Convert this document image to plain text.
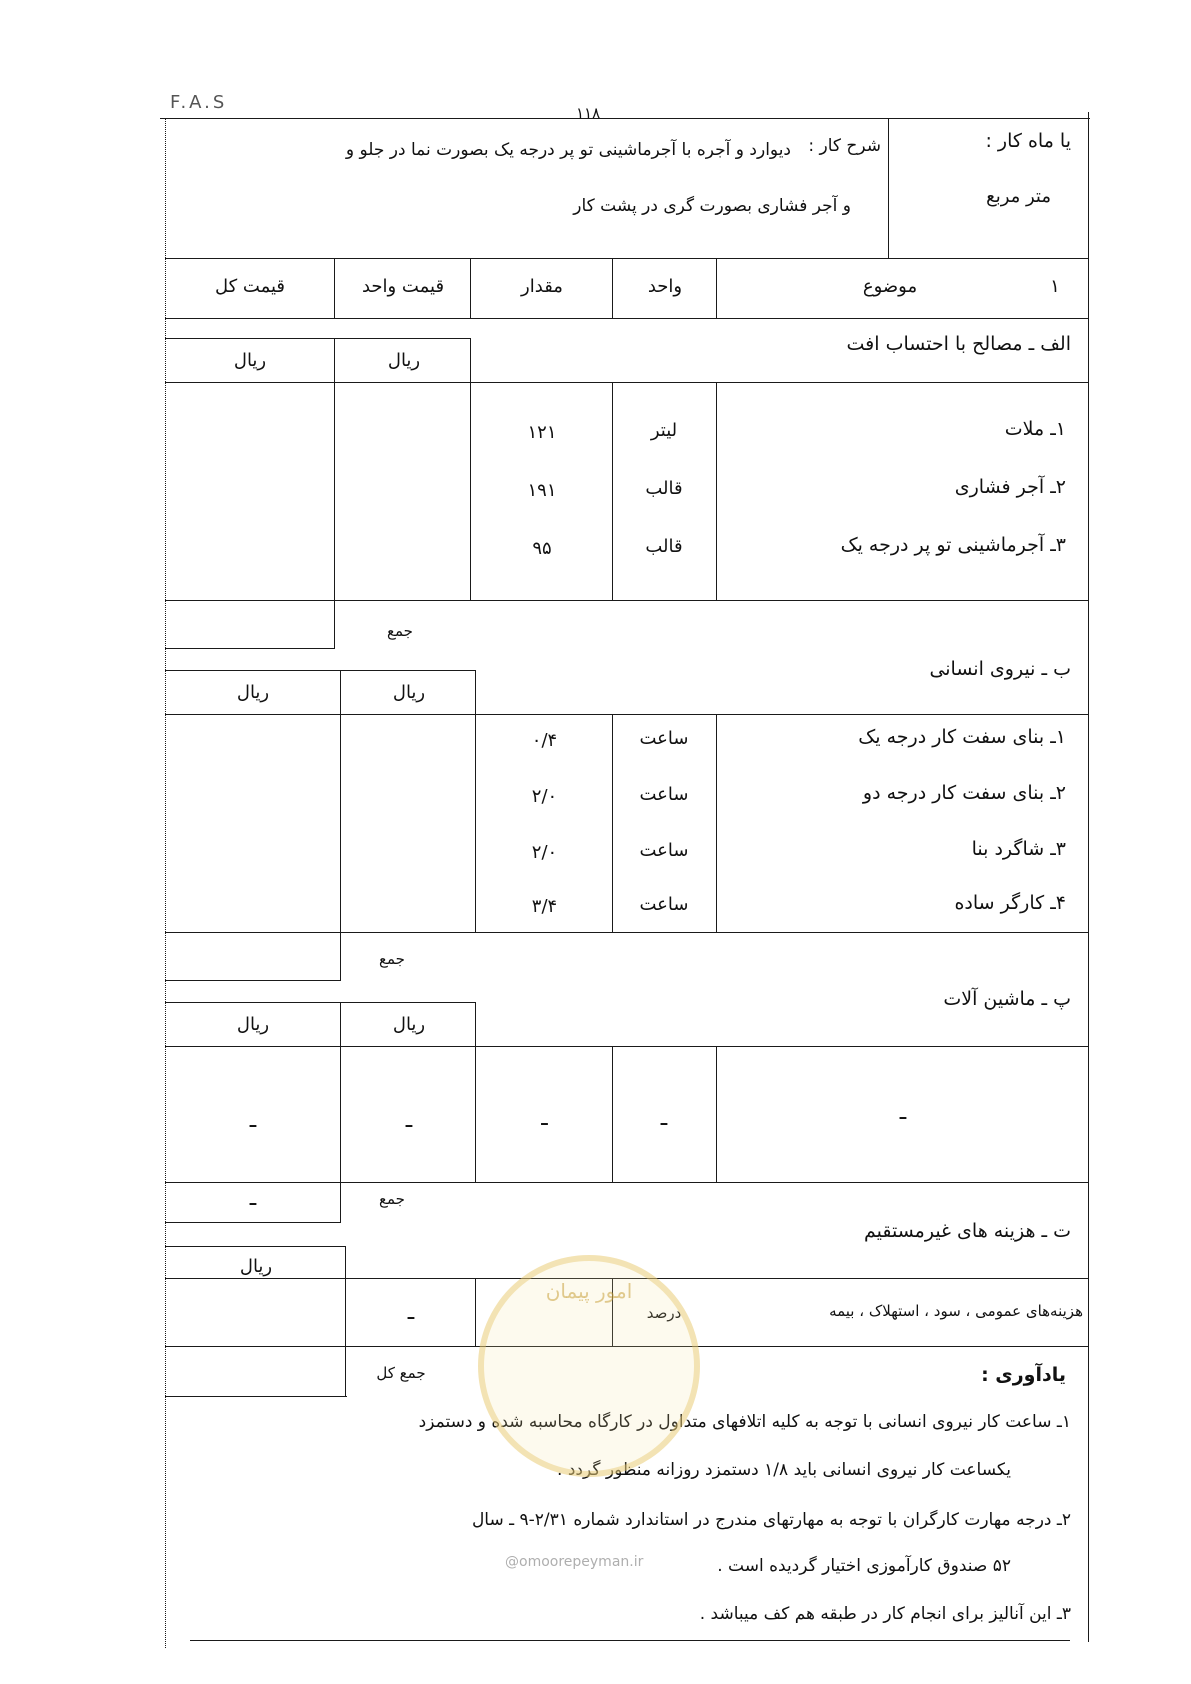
F.A.S	۱۱۸
یا ماه کار :
متر مربع
شرح کار :
دیوارد و آجره با آجرماشینی تو پر درجه یک بصورت نما در جلو و
و آجر فشاری بصورت گری در پشت کار
۱
موضوع
واحد
مقدار
قیمت واحد
قیمت کل
الف ـ مصالح با احتساب افت
ریال
ریال
۱ـ ملات
لیتر
۱۲۱
۲ـ آجر فشاری
قالب
۱۹۱
۳ـ آجرماشینی تو پر درجه یک
قالب
۹۵
جمع
ب ـ نیروی انسانی
ریال
ریال
۱ـ بنای سفت کار درجه یک
ساعت
۰/۴
۲ـ بنای سفت کار درجه دو
ساعت
۲/۰
۳ـ شاگرد بنا
ساعت
۲/۰
۴ـ کارگر ساده
ساعت
۳/۴
جمع
پ ـ ماشین آلات
ریال
ریال
ـ
ـ
ـ
ـ
ـ
جمع
ـ
ت ـ هزینه های غیرمستقیم
ریال
هزینه‌های عمومی ، سود ، استهلاک ، بیمه
درصد
ـ
جمع کل	یادآوری :
۱ـ ساعت کار نیروی انسانی با توجه به کلیه اتلافهای متداول در کارگاه محاسبه شده و دستمزد
یکساعت کار نیروی انسانی باید ۱/۸ دستمزد روزانه منظور گردد .
۲ـ درجه مهارت کارگران با توجه به مهارتهای مندرج در استاندارد شماره ۲/۳۱-۹ ـ سال
۵۲ صندوق کارآموزی اختیار گردیده است .
۳ـ این آنالیز برای انجام کار در طبقه هم کف میباشد .
امور پیمان
@omoorepeyman.ir
